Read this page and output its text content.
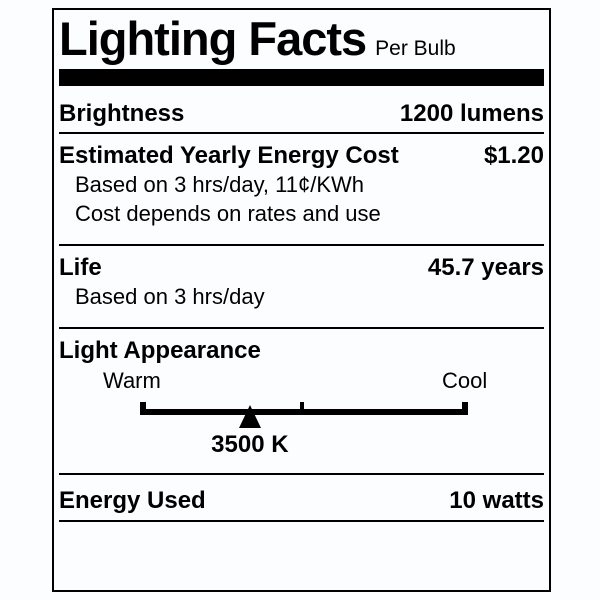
Lighting Facts Per Bulb
Brightness	1200 lumens
Estimated Yearly Energy Cost	$1.20
Based on 3 hrs/day, 11¢/KWh
Cost depends on rates and use
Life	45.7 years
Based on 3 hrs/day
Light Appearance
Warm	Cool
3500 K
Energy Used	10 watts
